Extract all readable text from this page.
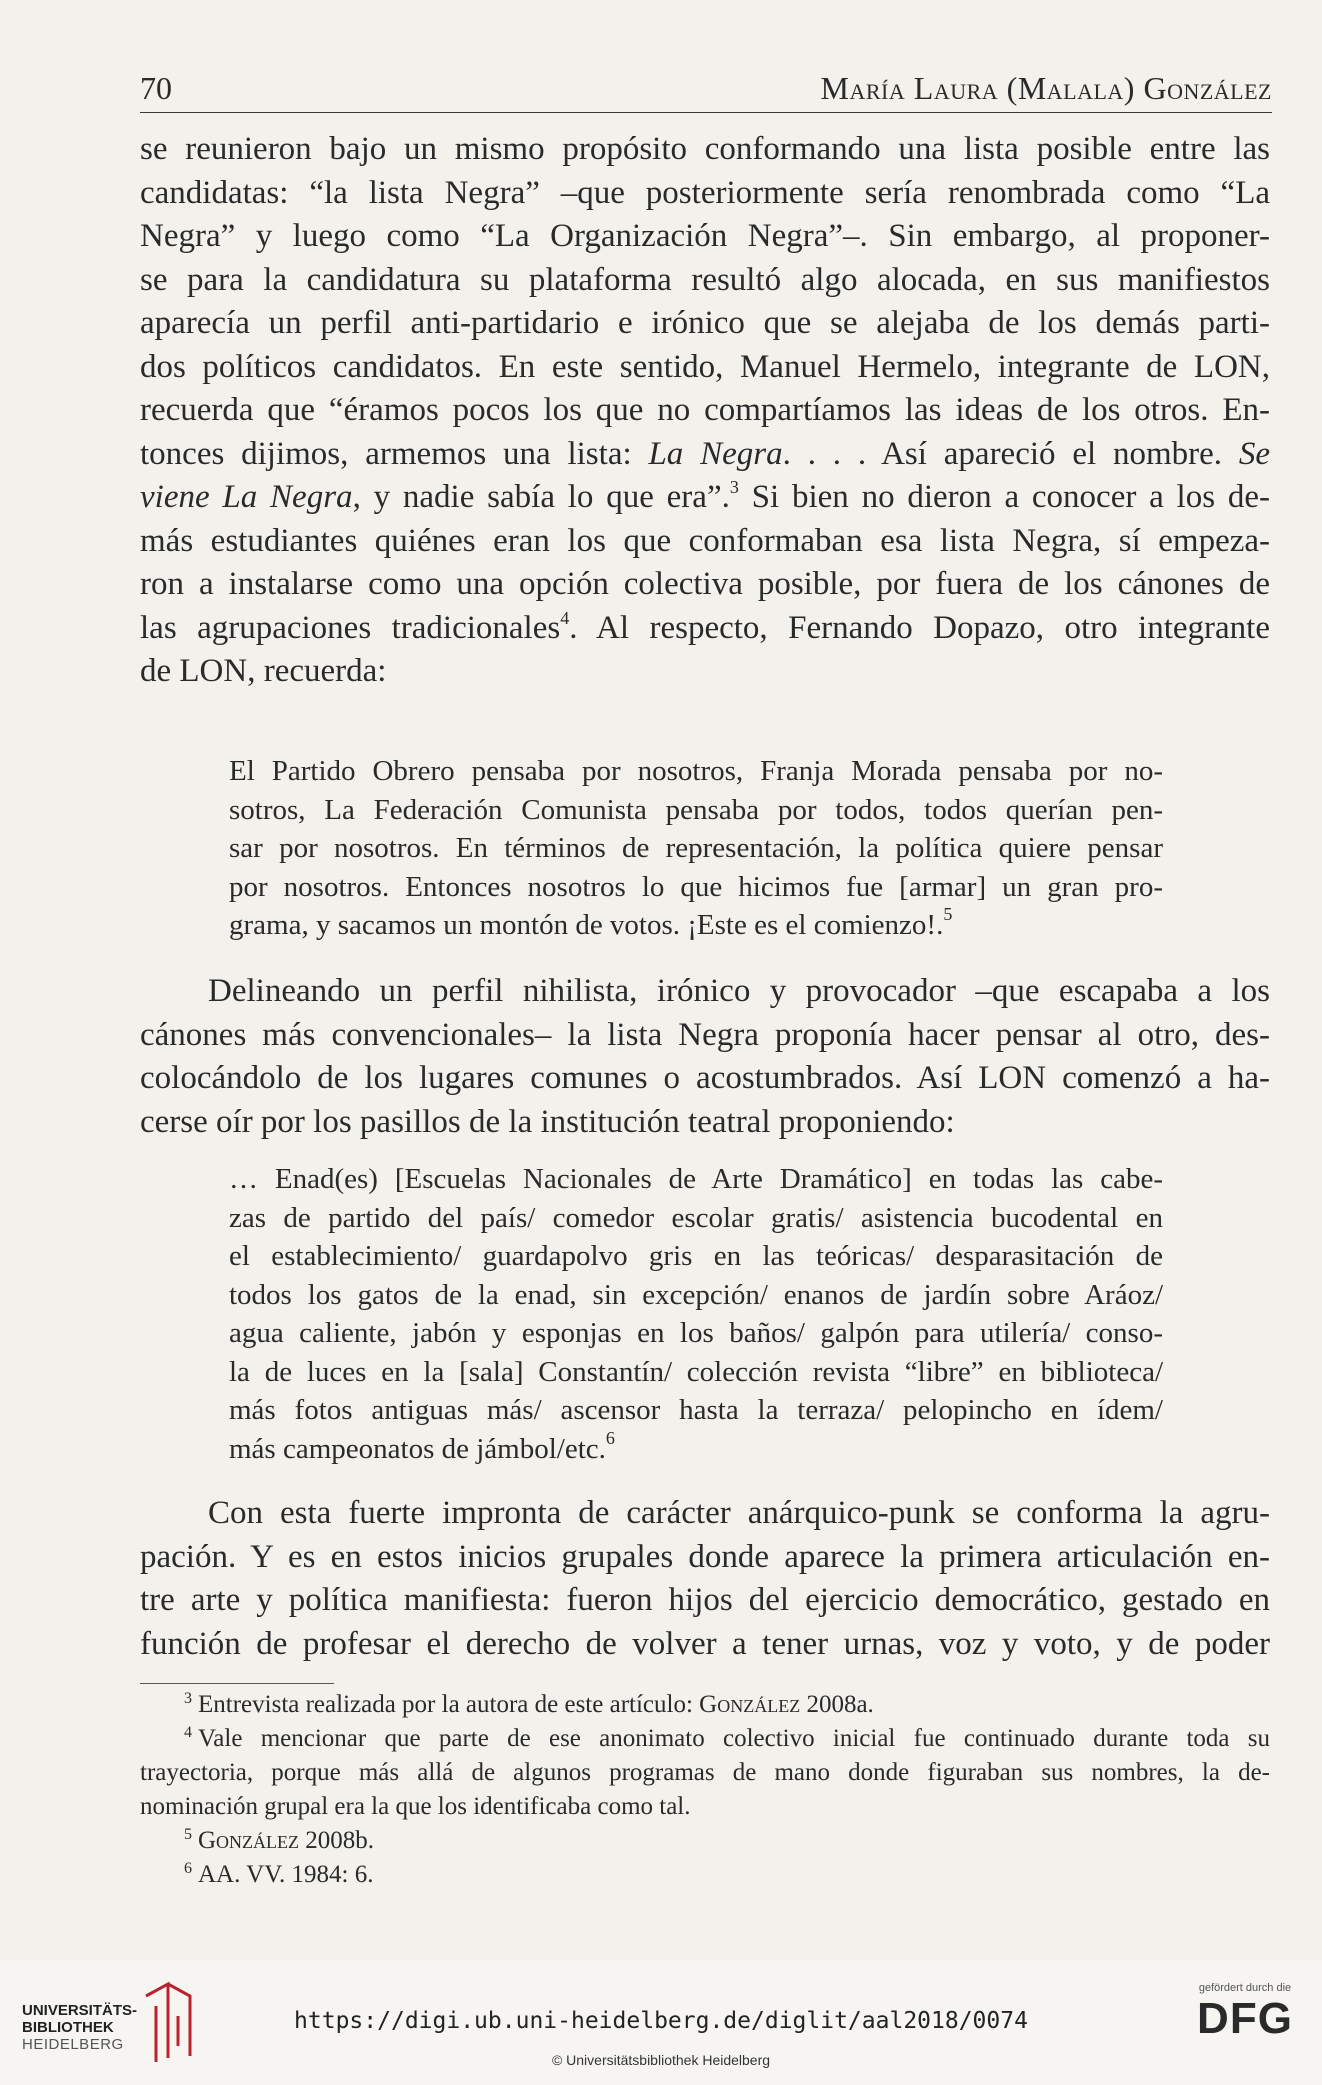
70	María Laura (Malala) González
se reunieron bajo un mismo propósito conformando una lista posible entre las
candidatas: “la lista Negra” –que posteriormente sería renombrada como “La
Negra” y luego como “La Organización Negra”–. Sin embargo, al proponer-
se para la candidatura su plataforma resultó algo alocada, en sus manifiestos
aparecía un perfil anti-partidario e irónico que se alejaba de los demás parti-
dos políticos candidatos. En este sentido, Manuel Hermelo, integrante de LON,
recuerda que “éramos pocos los que no compartíamos las ideas de los otros. En-
tonces dijimos, armemos una lista: La Negra. . . . Así apareció el nombre. Se
viene La Negra, y nadie sabía lo que era”.$^3$ Si bien no dieron a conocer a los de-
más estudiantes quiénes eran los que conformaban esa lista Negra, sí empeza-
ron a instalarse como una opción colectiva posible, por fuera de los cánones de
las agrupaciones tradicionales$^4$. Al respecto, Fernando Dopazo, otro integrante
de LON, recuerda:
El Partido Obrero pensaba por nosotros, Franja Morada pensaba por no-
sotros, La Federación Comunista pensaba por todos, todos querían pen-
sar por nosotros. En términos de representación, la política quiere pensar
por nosotros. Entonces nosotros lo que hicimos fue [armar] un gran pro-
grama, y sacamos un montón de votos. ¡Este es el comienzo!.$^5$
Delineando un perfil nihilista, irónico y provocador –que escapaba a los
cánones más convencionales– la lista Negra proponía hacer pensar al otro, des-
colocándolo de los lugares comunes o acostumbrados. Así LON comenzó a ha-
cerse oír por los pasillos de la institución teatral proponiendo:
… Enad(es) [Escuelas Nacionales de Arte Dramático] en todas las cabe-
zas de partido del país/ comedor escolar gratis/ asistencia bucodental en
el establecimiento/ guardapolvo gris en las teóricas/ desparasitación de
todos los gatos de la enad, sin excepción/ enanos de jardín sobre Aráoz/
agua caliente, jabón y esponjas en los baños/ galpón para utilería/ conso-
la de luces en la [sala] Constantín/ colección revista “libre” en biblioteca/
más fotos antiguas más/ ascensor hasta la terraza/ pelopincho en ídem/
más campeonatos de jámbol/etc.$^6$
Con esta fuerte impronta de carácter anárquico-punk se conforma la agru-
pación. Y es en estos inicios grupales donde aparece la primera articulación en-
tre arte y política manifiesta: fueron hijos del ejercicio democrático, gestado en
función de profesar el derecho de volver a tener urnas, voz y voto, y de poder
$^3$ Entrevista realizada por la autora de este artículo: González 2008a.
$^4$ Vale mencionar que parte de ese anonimato colectivo inicial fue continuado durante toda su
trayectoria, porque más allá de algunos programas de mano donde figuraban sus nombres, la de-
nominación grupal era la que los identificaba como tal.
$^5$ González 2008b.
$^6$ AA. VV. 1984: 6.
UNIVERSITÄTS-
BIBLIOTHEK
HEIDELBERG
https://digi.ub.uni-heidelberg.de/diglit/aal2018/0074
© Universitätsbibliothek Heidelberg
gefördert durch die
DFG
